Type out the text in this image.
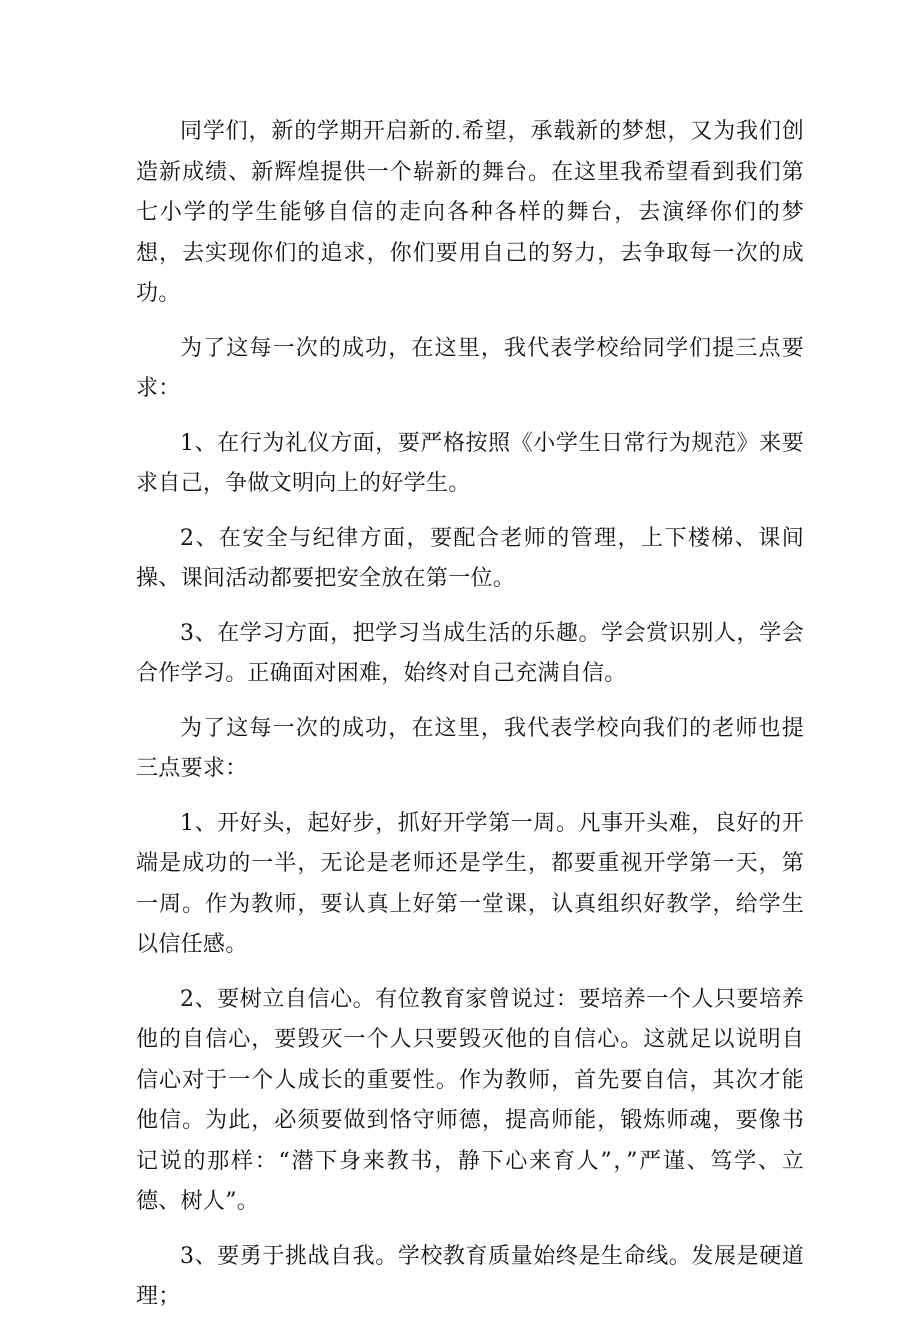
同学们，新的学期开启新的.希望，承载新的梦想，又为我们创造新成绩、新辉煌提供一个崭新的舞台。在这里我希望看到我们第七小学的学生能够自信的走向各种各样的舞台，去演绎你们的梦想，去实现你们的追求，你们要用自己的努力，去争取每一次的成功。

为了这每一次的成功，在这里，我代表学校给同学们提三点要求：

1、在行为礼仪方面，要严格按照《小学生日常行为规范》来要求自己，争做文明向上的好学生。

2、在安全与纪律方面，要配合老师的管理，上下楼梯、课间操、课间活动都要把安全放在第一位。

3、在学习方面，把学习当成生活的乐趣。学会赏识别人，学会合作学习。正确面对困难，始终对自己充满自信。

为了这每一次的成功，在这里，我代表学校向我们的老师也提三点要求：

1、开好头，起好步，抓好开学第一周。凡事开头难，良好的开端是成功的一半，无论是老师还是学生，都要重视开学第一天，第一周。作为教师，要认真上好第一堂课，认真组织好教学，给学生以信任感。

2、要树立自信心。有位教育家曾说过：要培养一个人只要培养他的自信心，要毁灭一个人只要毁灭他的自信心。这就足以说明自信心对于一个人成长的重要性。作为教师，首先要自信，其次才能他信。为此，必须要做到恪守师德，提高师能，锻炼师魂，要像书记说的那样：“潜下身来教书，静下心来育人”，”严谨、笃学、立德、树人”。

3、要勇于挑战自我。学校教育质量始终是生命线。发展是硬道理；
